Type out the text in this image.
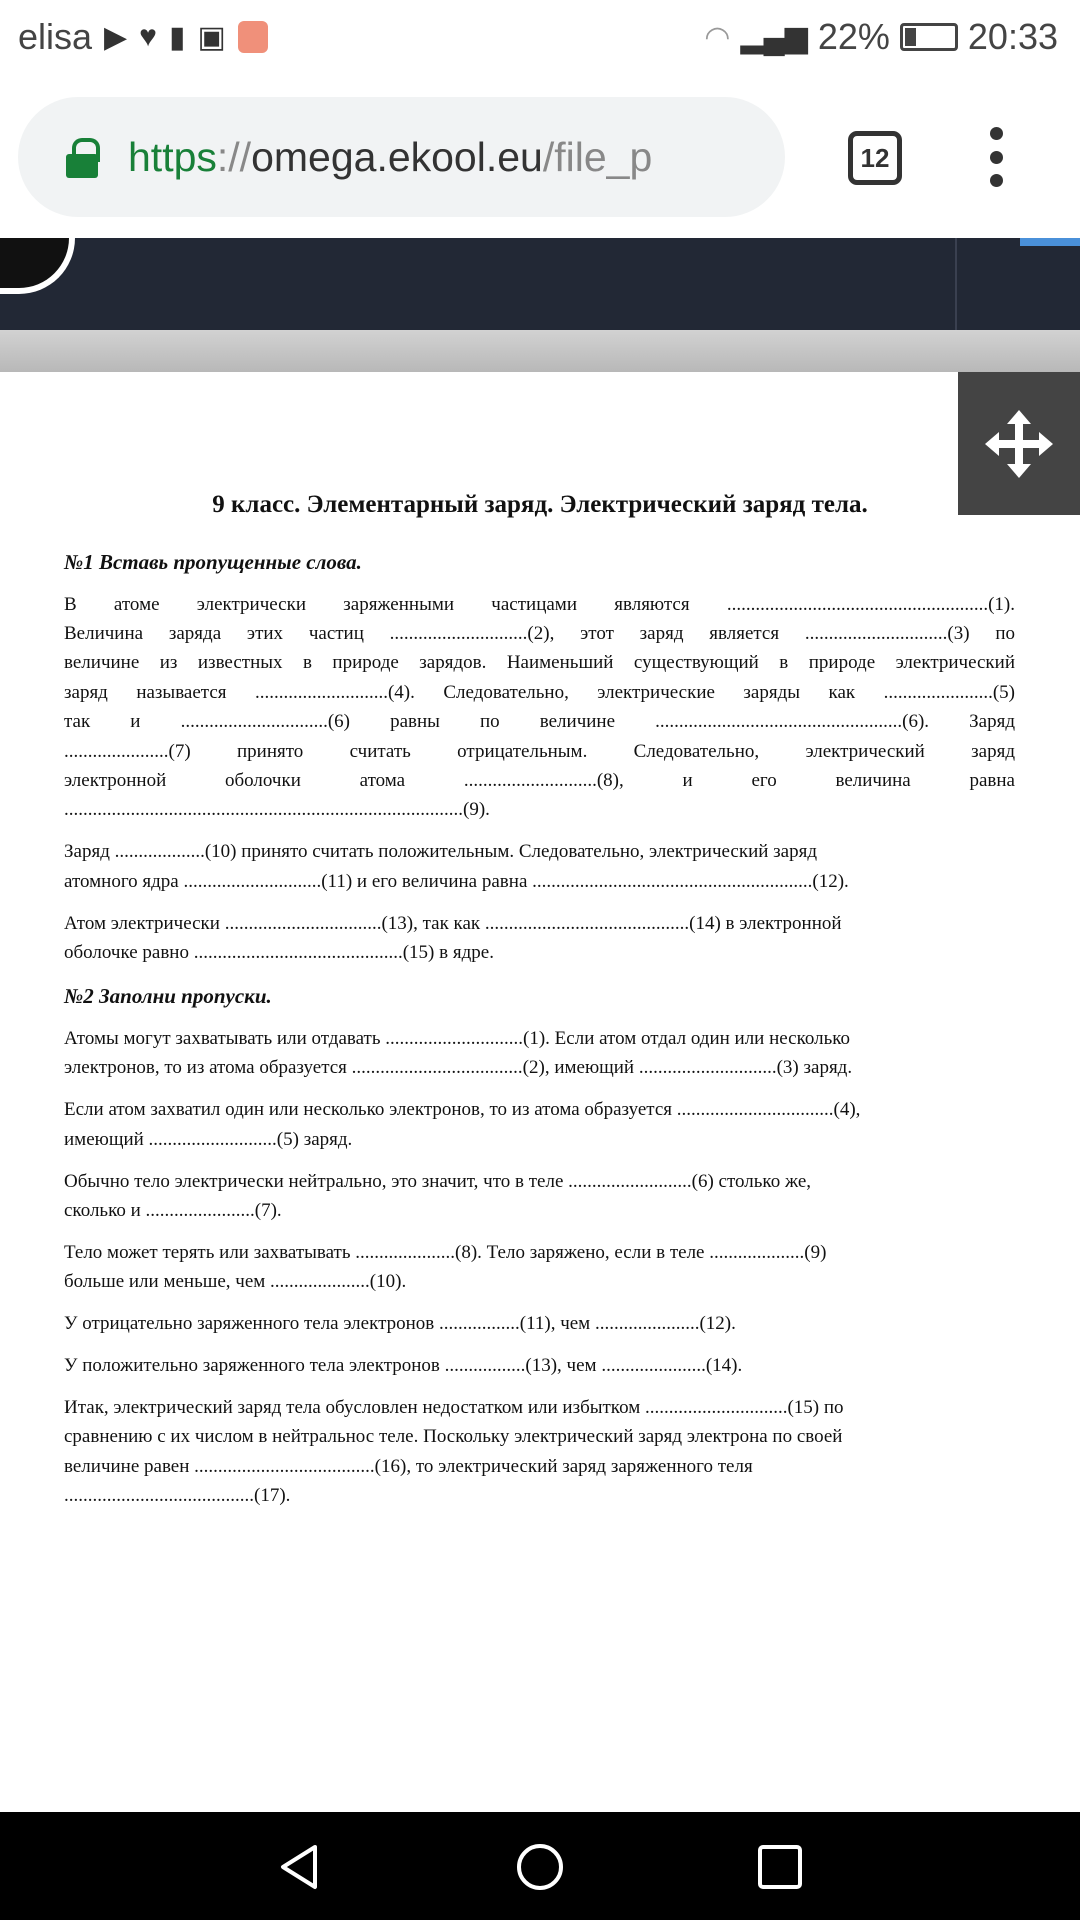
elisa ▶ ♥ ▮ ▣	◠ ▂▄▆ 22% 20:33
https://omega.ekool.eu/file_p	12
9 класс. Элементарный заряд. Электрический заряд тела.
№1 Вставь пропущенные слова.
В атоме электрически заряженными частицами являются .......................................................(1).
Величина заряда этих частиц .............................(2), этот заряд является ..............................(3) по
величине из известных в природе зарядов. Наименьший существующий в природе электрический
заряд называется ............................(4). Следовательно, электрические заряды как .......................(5)
так и ...............................(6) равны по величине ....................................................(6). Заряд
......................(7) принято считать отрицательным. Следовательно, электрический заряд
электронной оболочки атома ............................(8), и его величина равна
....................................................................................(9).
Заряд ...................(10) принято считать положительным. Следовательно, электрический заряд
атомного ядра .............................(11) и его величина равна ...........................................................(12).
Атом электрически .................................(13), так как ...........................................(14) в электронной
оболочке равно ............................................(15) в ядре.
№2 Заполни пропуски.
Атомы могут захватывать или отдавать .............................(1). Если атом отдал один или несколько
электронов, то из атома образуется ....................................(2), имеющий .............................(3) заряд.
Если атом захватил один или несколько электронов, то из атома образуется .................................(4),
имеющий ...........................(5) заряд.
Обычно тело электрически нейтрально, это значит, что в теле ..........................(6) столько же,
сколько и .......................(7).
Тело может терять или захватывать .....................(8). Тело заряжено, если в теле ....................(9)
больше или меньше, чем .....................(10).
У отрицательно заряженного тела электронов .................(11), чем ......................(12).
У положительно заряженного тела электронов .................(13), чем ......................(14).
Итак, электрический заряд тела обусловлен недостатком или избытком ..............................(15) по
сравнению с их числом в нейтральнос теле. Поскольку электрический заряд электрона по своей
величине равен ......................................(16), то электрический заряд заряженного теля
........................................(17).
